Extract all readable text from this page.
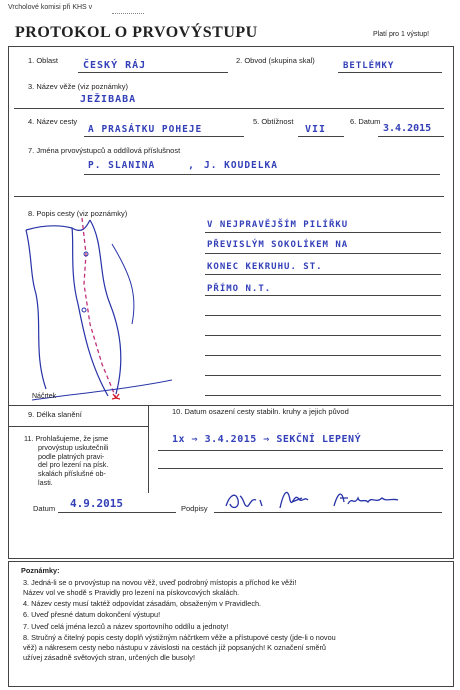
Vrcholové komisi při KHS v
PROTOKOL O PRVOVÝSTUPU	Platí pro 1 výstup!
1. Oblast ČESKÝ RÁJ	2. Obvod (skupina skal)
BETLÉMKY
3. Název věže (viz poznámky)
JEŽIBABA
4. Název cesty
A PRASÁTKU POHEJE
5. Obtížnost
VII
6. Datum
3.4.2015
7. Jména prvovýstupců a oddílová příslušnost
P. SLANINA	, J. KOUDELKA
8. Popis cesty (viz poznámky)
Náčrtek
V NEJPRAVĚJŠÍM PILÍŘKU
PŘEVISLÝM SOKOLÍKEM NA
KONEC KEKRUHU. ST.
PŘÍMO N.T.
9. Délka slanění	10. Datum osazení cesty stabiln. kruhy a jejich původ
1x ⇒ 3.4.2015 ⇒ SEKČNÍ LEPENÝ
11. Prohlašujeme, že jsme
prvovýstup uskutečnili
podle platných pravi-
del pro lezení na písk.
skalách příslušné ob-
lasti.
Datum 4.9.2015	Podpisy
Poznámky:
3. Jedná-li se o prvovýstup na novou věž, uveď podrobný místopis a příchod ke věži!
Název vol ve shodě s Pravidly pro lezení na pískovcových skalách.
4. Název cesty musí taktéž odpovídat zásadám, obsaženým v Pravidlech.
6. Uveď přesné datum dokončení výstupu!
7. Uveď celá jména lezců a název sportovního oddílu a jednoty!
8. Stručný a čitelný popis cesty doplň výstižným náčrtkem věže a přístupové cesty (jde-li o novou
věž) a nákresem cesty nebo nástupu v závislosti na cestách již popsaných! K označení směrů
užívej zásadně světových stran, určených dle busoly!
